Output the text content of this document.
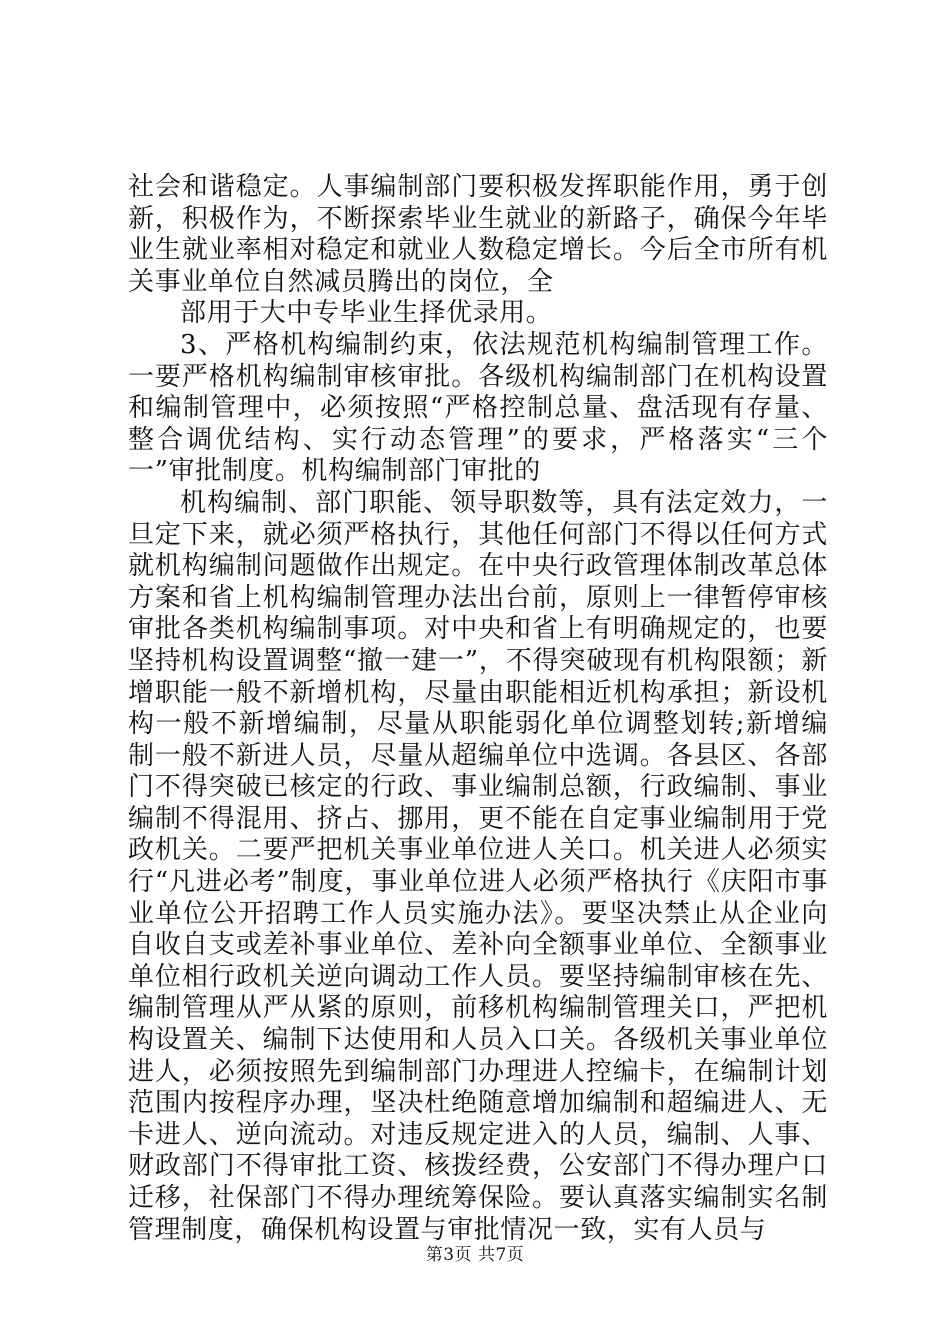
社会和谐稳定。人事编制部门要积极发挥职能作用，勇于创新，积极作为，不断探索毕业生就业的新路子，确保今年毕业生就业率相对稳定和就业人数稳定增长。今后全市所有机关事业单位自然减员腾出的岗位，全

部用于大中专毕业生择优录用。

3、严格机构编制约束，依法规范机构编制管理工作。一要严格机构编制审核审批。各级机构编制部门在机构设置和编制管理中，必须按照“严格控制总量、盘活现有存量、整合调优结构、实行动态管理”的要求，严格落实“三个一”审批制度。机构编制部门审批的

机构编制、部门职能、领导职数等，具有法定效力，一旦定下来，就必须严格执行，其他任何部门不得以任何方式就机构编制问题做作出规定。在中央行政管理体制改革总体方案和省上机构编制管理办法出台前，原则上一律暂停审核审批各类机构编制事项。对中央和省上有明确规定的，也要坚持机构设置调整“撤一建一”，不得突破现有机构限额；新增职能一般不新增机构，尽量由职能相近机构承担；新设机构一般不新增编制，尽量从职能弱化单位调整划转;新增编制一般不新进人员，尽量从超编单位中选调。各县区、各部门不得突破已核定的行政、事业编制总额，行政编制、事业编制不得混用、挤占、挪用，更不能在自定事业编制用于党政机关。二要严把机关事业单位进人关口。机关进人必须实行“凡进必考”制度，事业单位进人必须严格执行《庆阳市事业单位公开招聘工作人员实施办法》。要坚决禁止从企业向自收自支或差补事业单位、差补向全额事业单位、全额事业单位相行政机关逆向调动工作人员。要坚持编制审核在先、编制管理从严从紧的原则，前移机构编制管理关口，严把机构设置关、编制下达使用和人员入口关。各级机关事业单位进人，必须按照先到编制部门办理进人控编卡，在编制计划范围内按程序办理，坚决杜绝随意增加编制和超编进人、无卡进人、逆向流动。对违反规定进入的人员，编制、人事、财政部门不得审批工资、核拨经费，公安部门不得办理户口迁移，社保部门不得办理统筹保险。要认真落实编制实名制管理制度，确保机构设置与审批情况一致，实有人员与

第3页 共7页
